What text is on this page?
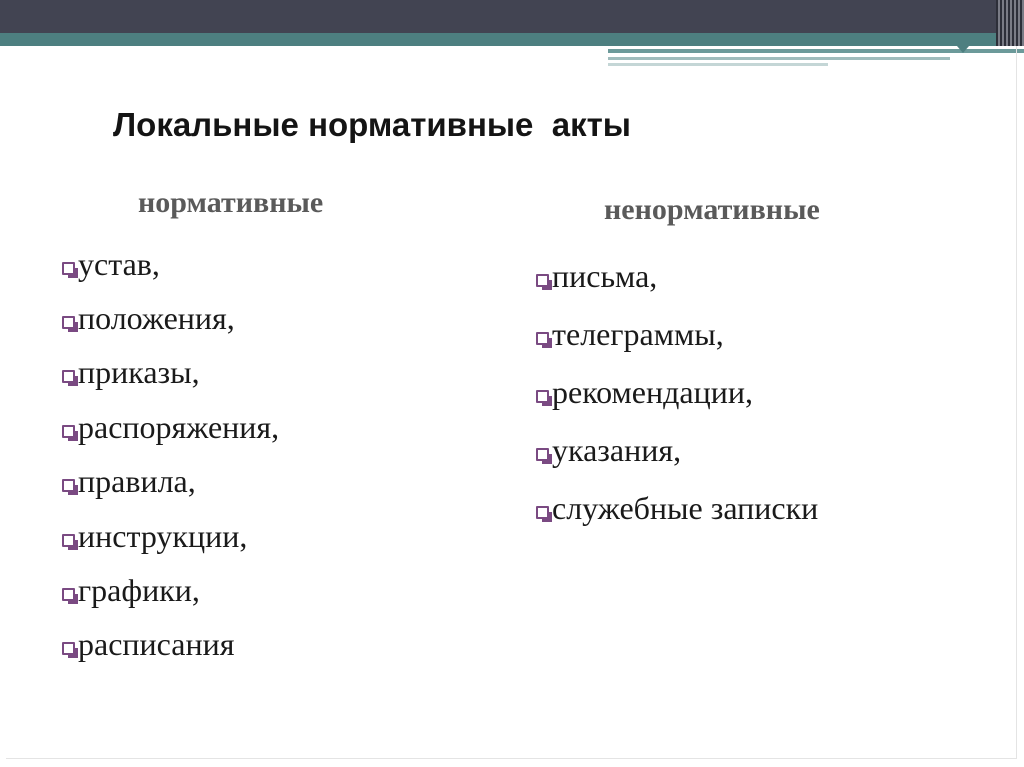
Локальные нормативные  акты
нормативные	ненормативные
устав,
положения,
приказы,
распоряжения,
правила,
инструкции,
графики,
расписания
письма,
телеграммы,
рекомендации,
указания,
служебные записки
